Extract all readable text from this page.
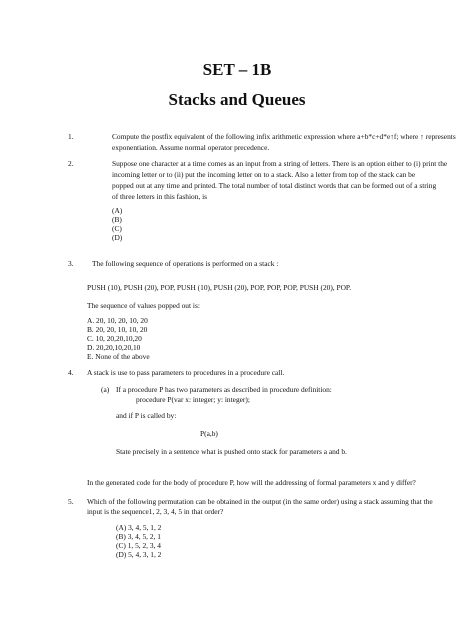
SET – 1B
Stacks and Queues
1.	Compute the postfix equivalent of the following infix arithmetic expression where a+b*c+d*e↑f; where ↑ represents
exponentiation. Assume normal operator precedence.
2.	Suppose one character at a time comes as an input from a string of letters. There is an option either to (i) print the
incoming letter or to (ii) put the incoming letter on to a stack. Also a letter from top of the stack can be
popped out at any time and printed. The total number of total distinct words that can be formed out of a string
of three letters in this fashion, is
(A)
(B)
(C)
(D)
3. The following sequence of operations is performed on a stack :
PUSH (10), PUSH (20), POP, PUSH (10), PUSH (20), POP, POP, POP, PUSH (20), POP.
The sequence of values popped out is:
A. 20, 10, 20, 10, 20
B. 20, 20, 10, 10, 20
C. 10, 20,20,10,20
D. 20,20,10,20,10
E. None of the above
4. A stack is use to pass parameters to procedures in a procedure call.
(a) If a procedure P has two parameters as described in procedure definition:
procedure P(var x: integer; y: integer);
and if P is called by:
P(a,b)
State precisely in a sentence what is pushed onto stack for parameters a and b.
In the generated code for the body of procedure P, how will the addressing of formal parameters x and y differ?
5. Which of the following permutation can be obtained in the output (in the same order) using a stack assuming that the
input is the sequence1, 2, 3, 4, 5 in that order?
(A) 3, 4, 5, 1, 2
(B) 3, 4, 5, 2, 1
(C) 1, 5, 2, 3, 4
(D) 5, 4, 3, 1, 2
